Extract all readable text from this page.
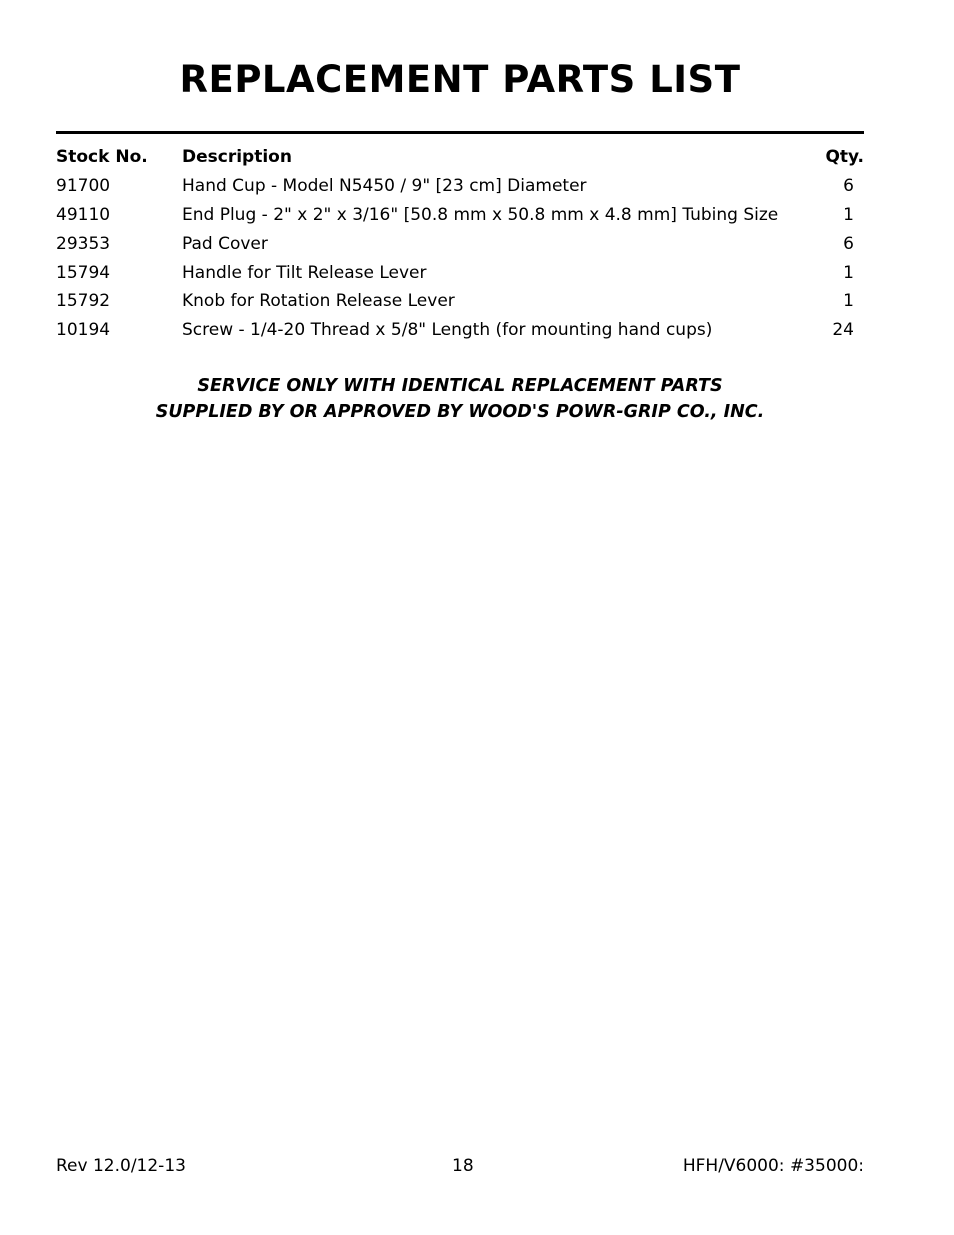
REPLACEMENT PARTS LIST
Stock No.	Description	Qty.
91700	Hand Cup - Model N5450 / 9" [23 cm] Diameter	6
49110	End Plug - 2" x 2" x 3/16" [50.8 mm x 50.8 mm x 4.8 mm] Tubing Size	1
29353	Pad Cover	6
15794	Handle for Tilt Release Lever	1
15792	Knob for Rotation Release Lever	1
10194	Screw - 1/4-20 Thread x 5/8" Length (for mounting hand cups)	24
SERVICE ONLY WITH IDENTICAL REPLACEMENT PARTS
SUPPLIED BY OR APPROVED BY WOOD'S POWR-GRIP CO., INC.
Rev 12.0/12-13	18	HFH/V6000: #35000:
